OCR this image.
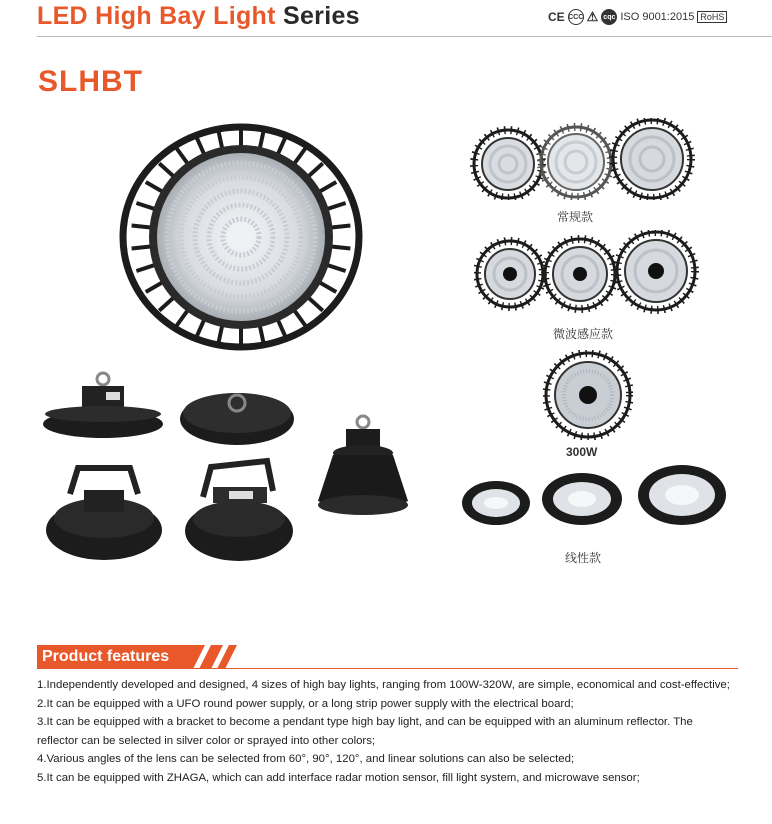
LED High Bay Light Series	CE CCC ⚠ cqc ISO 9001:2015 RoHS
SLHBT
常规款
微波感应款
300W
线性款
Product features

1.Independently developed and designed, 4 sizes of high bay lights, ranging from 100W-320W, are simple, economical and cost-effective;

2.It can be equipped with a UFO round power supply, or a long strip power supply with the electrical board;

3.It can be equipped with a bracket to become a pendant type high bay light, and can be equipped with an aluminum reflector. The reflector can be selected in silver color or sprayed into other colors;

4.Various angles of the lens can be selected from 60°, 90°, 120°, and linear solutions can also be selected;

5.It can be equipped with ZHAGA, which can add interface radar motion sensor, fill light system, and microwave sensor;
